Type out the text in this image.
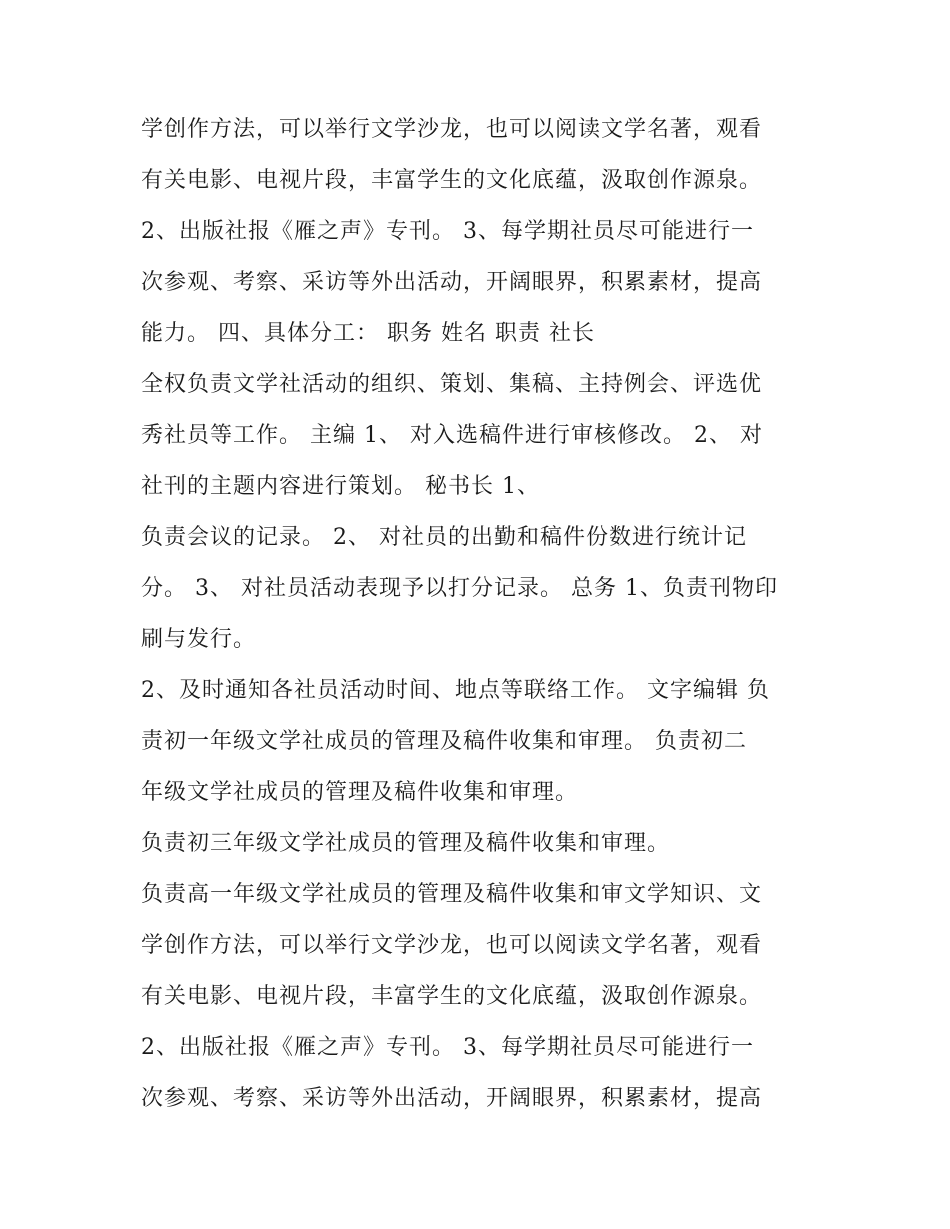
学创作方法，可以举行文学沙龙，也可以阅读文学名著，观看
有关电影、电视片段，丰富学生的文化底蕴，汲取创作源泉。
2、出版社报《雁之声》专刊。 3、每学期社员尽可能进行一
次参观、考察、采访等外出活动，开阔眼界，积累素材，提高
能力。 四、具体分工： 职务 姓名 职责 社长
全权负责文学社活动的组织、策划、集稿、主持例会、评选优
秀社员等工作。 主编 1、 对入选稿件进行审核修改。 2、 对
社刊的主题内容进行策划。 秘书长 1、
负责会议的记录。 2、 对社员的出勤和稿件份数进行统计记
分。 3、 对社员活动表现予以打分记录。 总务 1、负责刊物印
刷与发行。
2、及时通知各社员活动时间、地点等联络工作。 文字编辑 负
责初一年级文学社成员的管理及稿件收集和审理。 负责初二
年级文学社成员的管理及稿件收集和审理。
负责初三年级文学社成员的管理及稿件收集和审理。
负责高一年级文学社成员的管理及稿件收集和审文学知识、文
学创作方法，可以举行文学沙龙，也可以阅读文学名著，观看
有关电影、电视片段，丰富学生的文化底蕴，汲取创作源泉。
2、出版社报《雁之声》专刊。 3、每学期社员尽可能进行一
次参观、考察、采访等外出活动，开阔眼界，积累素材，提高
